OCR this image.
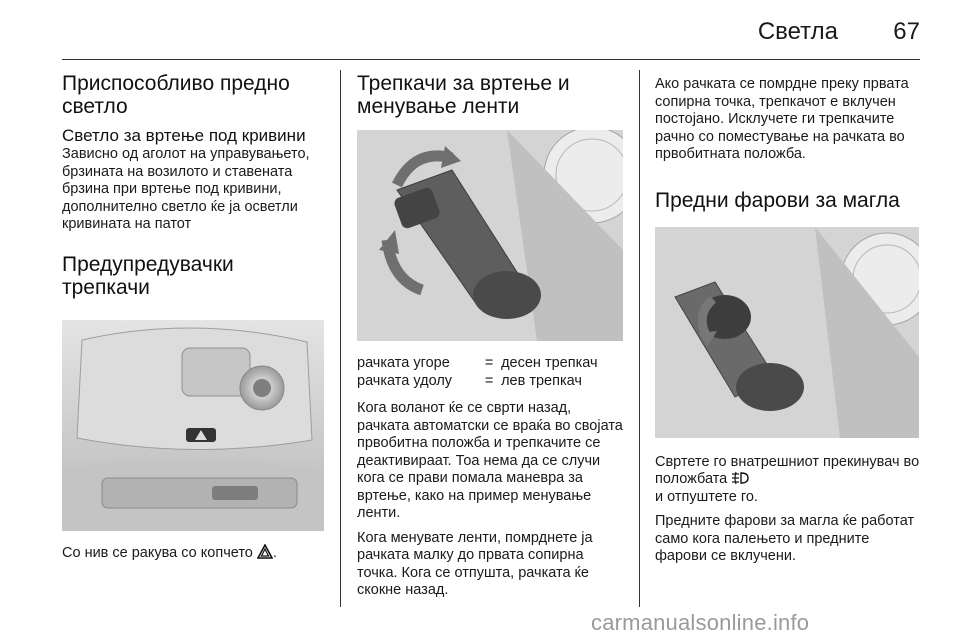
Светла 67
Приспособливо предно светло
Светло за вртење под кривини

Зависно од аголот на управувањето, брзината на возилото и ставената брзина при вртење под кривини, дополнително светло ќе ја осветли кривината на патот

Предупредувачки трепкачи

Со нив се ракува со копчето .

Трепкачи за вртење и менување ленти
рачката угоре	=	десен трепкач
рачката удолу	=	лев трепкач

Кога воланот ќе се сврти назад, рачката автоматски се враќа во својата првобитна положба и трепкачите се деактивираат. Тоа нема да се случи кога се прави помала маневра за вртење, како на пример менување ленти.

Кога менувате ленти, помрднете ја рачката малку до првата сопирна точка. Кога се отпушта, рачката ќе скокне назад.

Ако рачката се помрдне преку првата сопирна точка, трепкачот е вклучен постојано. Исклучете ги трепкачите рачно со поместување на рачката во првобитната положба.

Предни фарови за магла

Свртете го внатрешниот прекинувач во положбата
и отпуштете го.

Предните фарови за магла ќе работат само кога палењето и предните фарови се вклучени.

carmanualsonline.info
